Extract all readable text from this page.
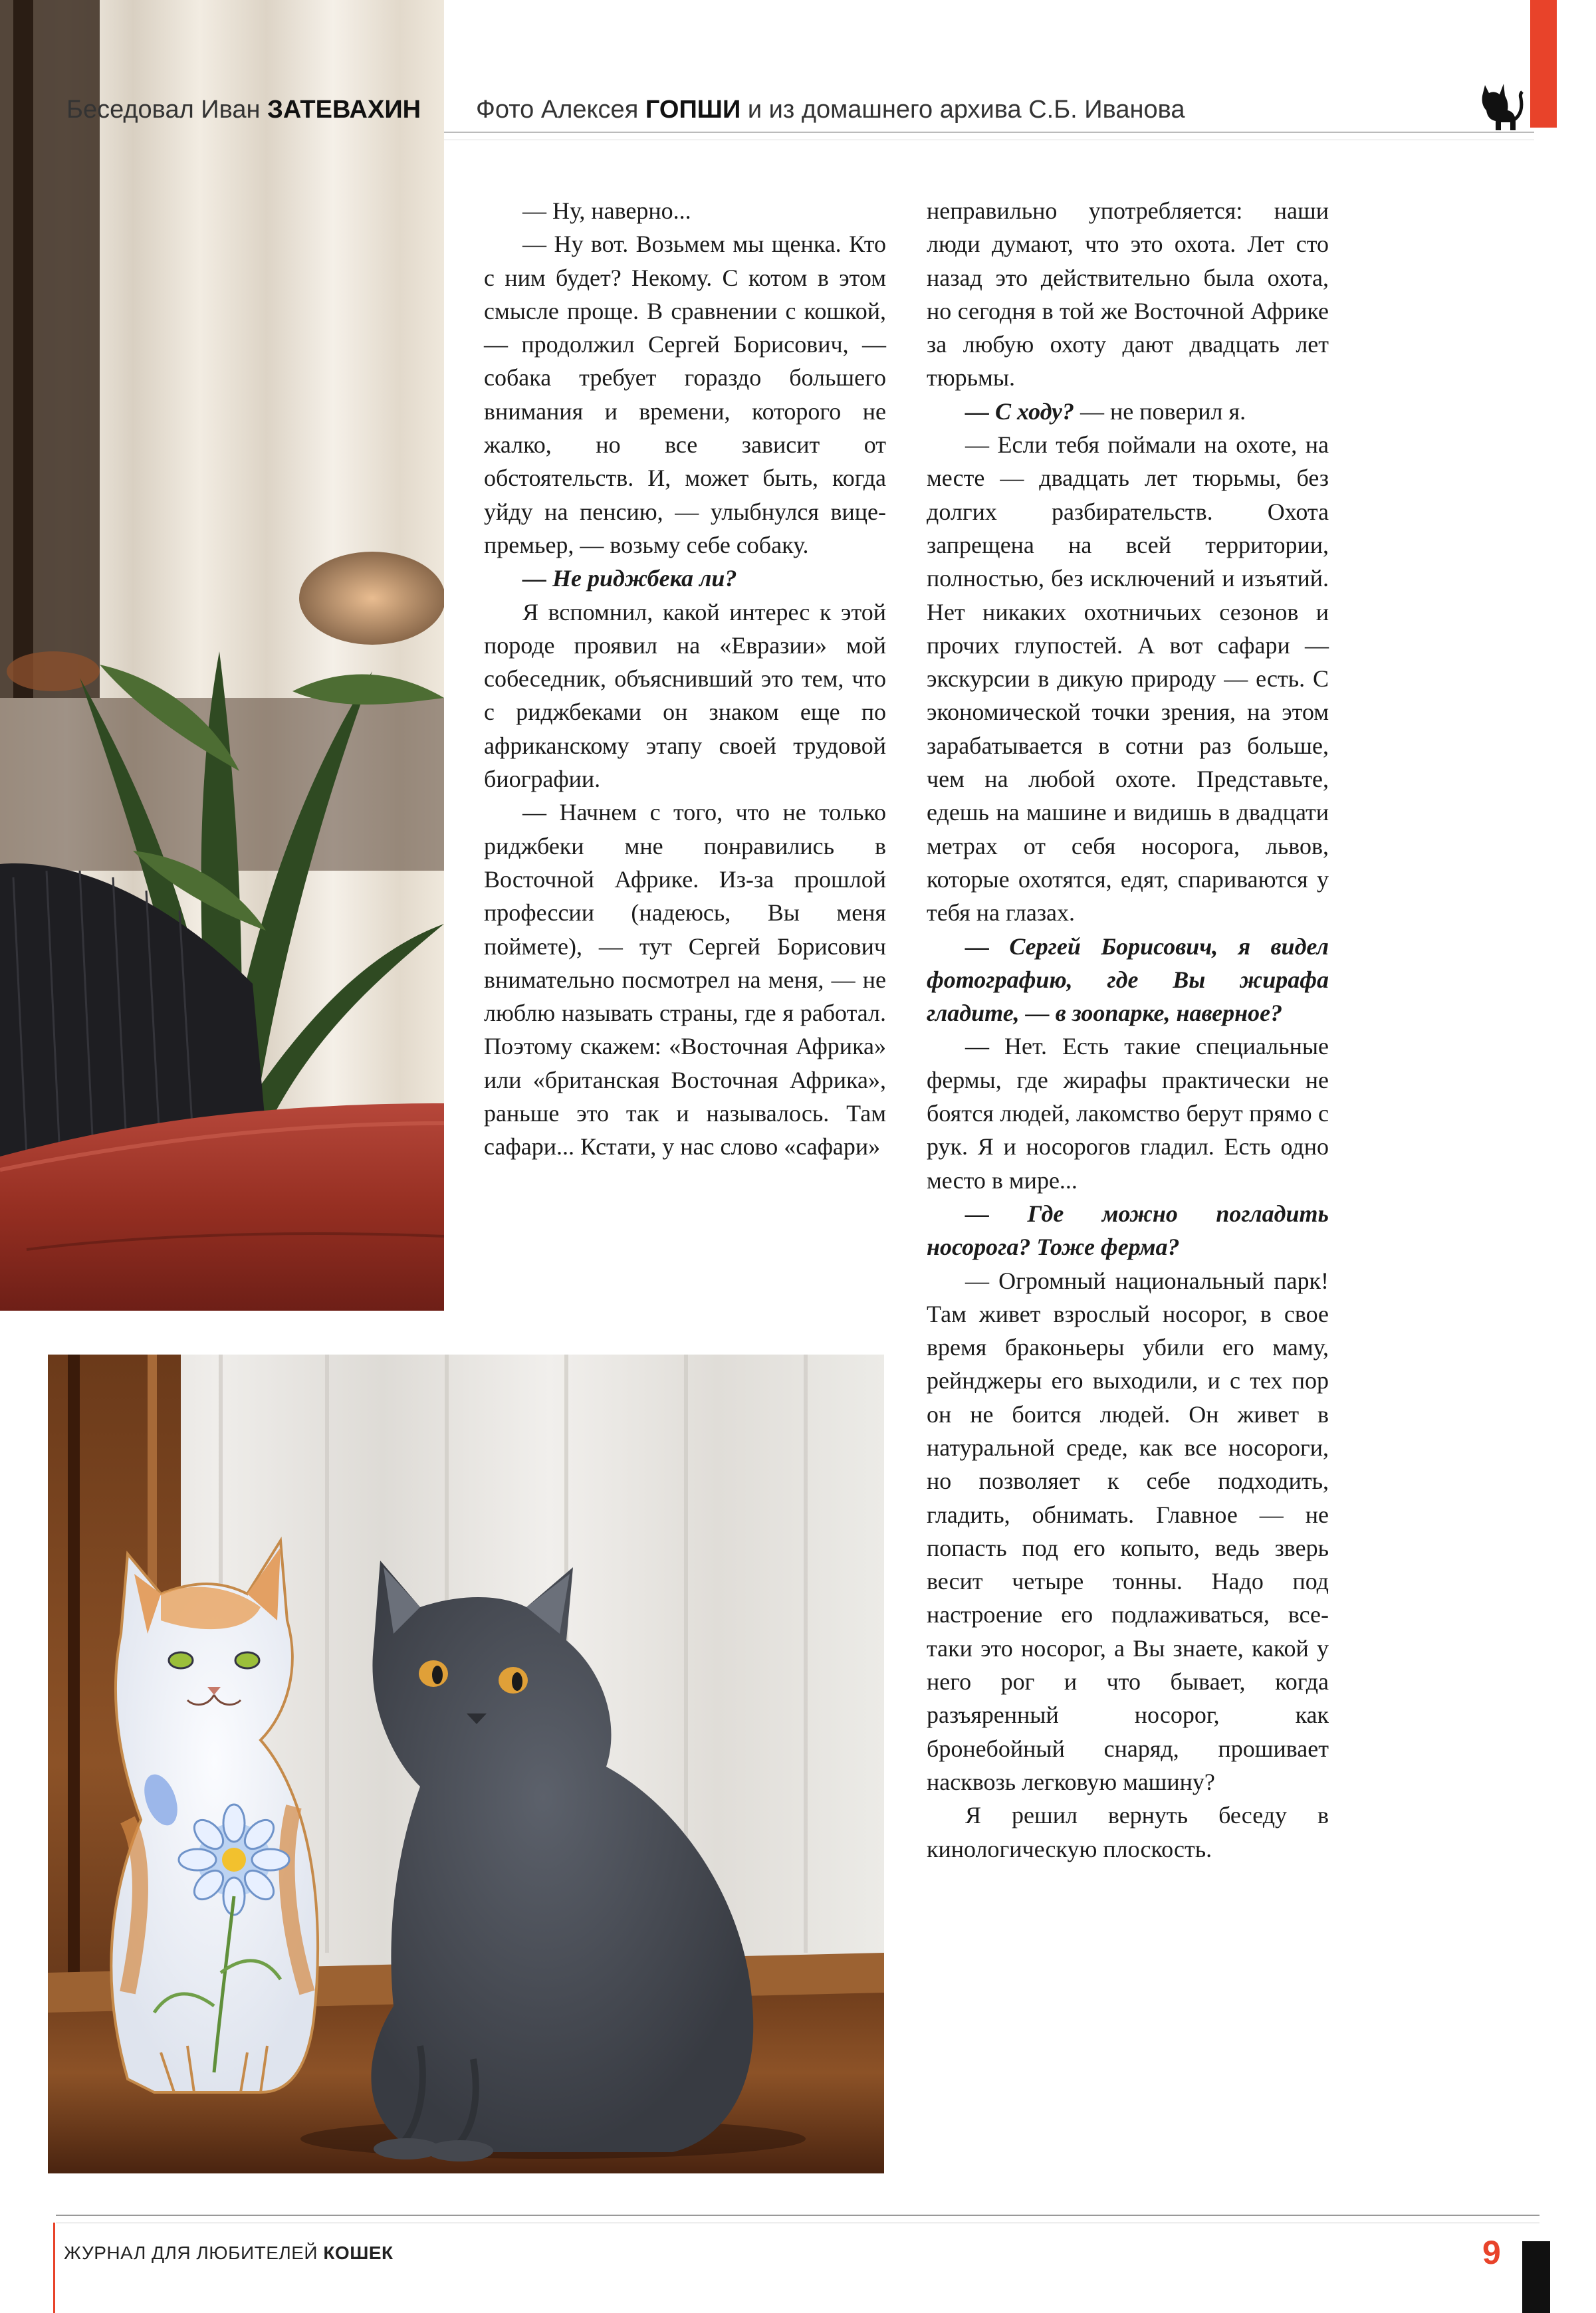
Беседовал Иван ЗАТЕВАХИН Фото Алексея ГОПШИ и из домашнего архива С.Б. Иванова

— Ну, наверно...

— Ну вот. Возьмем мы щенка. Кто с ним будет? Некому. С котом в этом смысле проще. В сравнении с кошкой, — продолжил Сергей Борисович, — собака требует гораздо большего внимания и времени, которого не жалко, но все зависит от обстоятельств. И, может быть, когда уйду на пенсию, — улыбнулся вице-премьер, — возьму себе собаку.

— Не риджбека ли?

Я вспомнил, какой интерес к этой породе проявил на «Евразии» мой собеседник, объяснивший это тем, что с риджбеками он знаком еще по африканскому этапу своей трудовой биографии.

— Начнем с того, что не только риджбеки мне понравились в Восточной Африке. Из-за прошлой профессии (надеюсь, Вы меня поймете), — тут Сергей Борисович внимательно посмотрел на меня, — не люблю называть страны, где я работал. Поэтому скажем: «Восточная Африка» или «британская Восточная Африка», раньше это так и называлось. Там сафари... Кстати, у нас слово «сафари»

неправильно употребляется: наши люди думают, что это охота. Лет сто назад это действительно была охота, но сегодня в той же Восточной Африке за любую охоту дают двадцать лет тюрьмы.

— С ходу? — не поверил я.

— Если тебя поймали на охоте, на месте — двадцать лет тюрьмы, без долгих разбирательств. Охота запрещена на всей территории, полностью, без исключений и изъятий. Нет никаких охотничьих сезонов и прочих глупостей. А вот сафари — экскурсии в дикую природу — есть. С экономической точки зрения, на этом зарабатывается в сотни раз больше, чем на любой охоте. Представьте, едешь на машине и видишь в двадцати метрах от себя носорога, львов, которые охотятся, едят, спариваются у тебя на глазах.

— Сергей Борисович, я видел фотографию, где Вы жирафа гладите, — в зоопарке, наверное?

— Нет. Есть такие специальные фермы, где жирафы практически не боятся людей, лакомство берут прямо с рук. Я и носорогов гладил. Есть одно место в мире...

— Где можно погладить носорога? Тоже ферма?

— Огромный национальный парк! Там живет взрослый носорог, в свое время браконьеры убили его маму, рейнджеры его выходили, и с тех пор он не боится людей. Он живет в натуральной среде, как все носороги, но позволяет к себе подходить, гладить, обнимать. Главное — не попасть под его копыто, ведь зверь весит четыре тонны. Надо под настроение его подлаживаться, все-таки это носорог, а Вы знаете, какой у него рог и что бывает, когда разъяренный носорог, как бронебойный снаряд, прошивает насквозь легковую машину?

Я решил вернуть беседу в кинологическую плоскость.

ЖУРНАЛ ДЛЯ ЛЮБИТЕЛЕЙ КОШЕК	9
